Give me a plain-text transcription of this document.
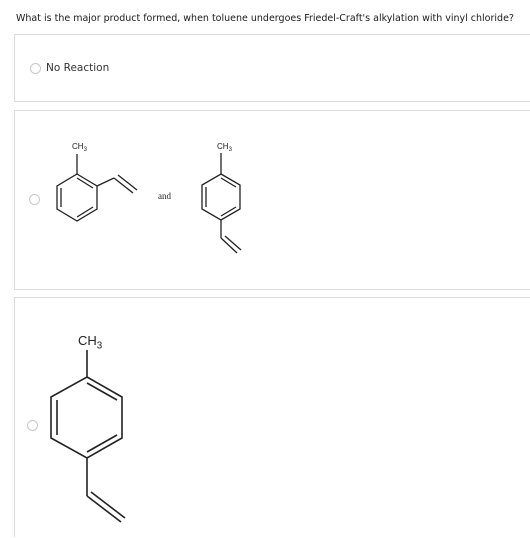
What is the major product formed, when toluene undergoes Friedel-Craft's alkylation with vinyl chloride?
No Reaction
$CH_3$
and
$CH_3$
$CH_3$
